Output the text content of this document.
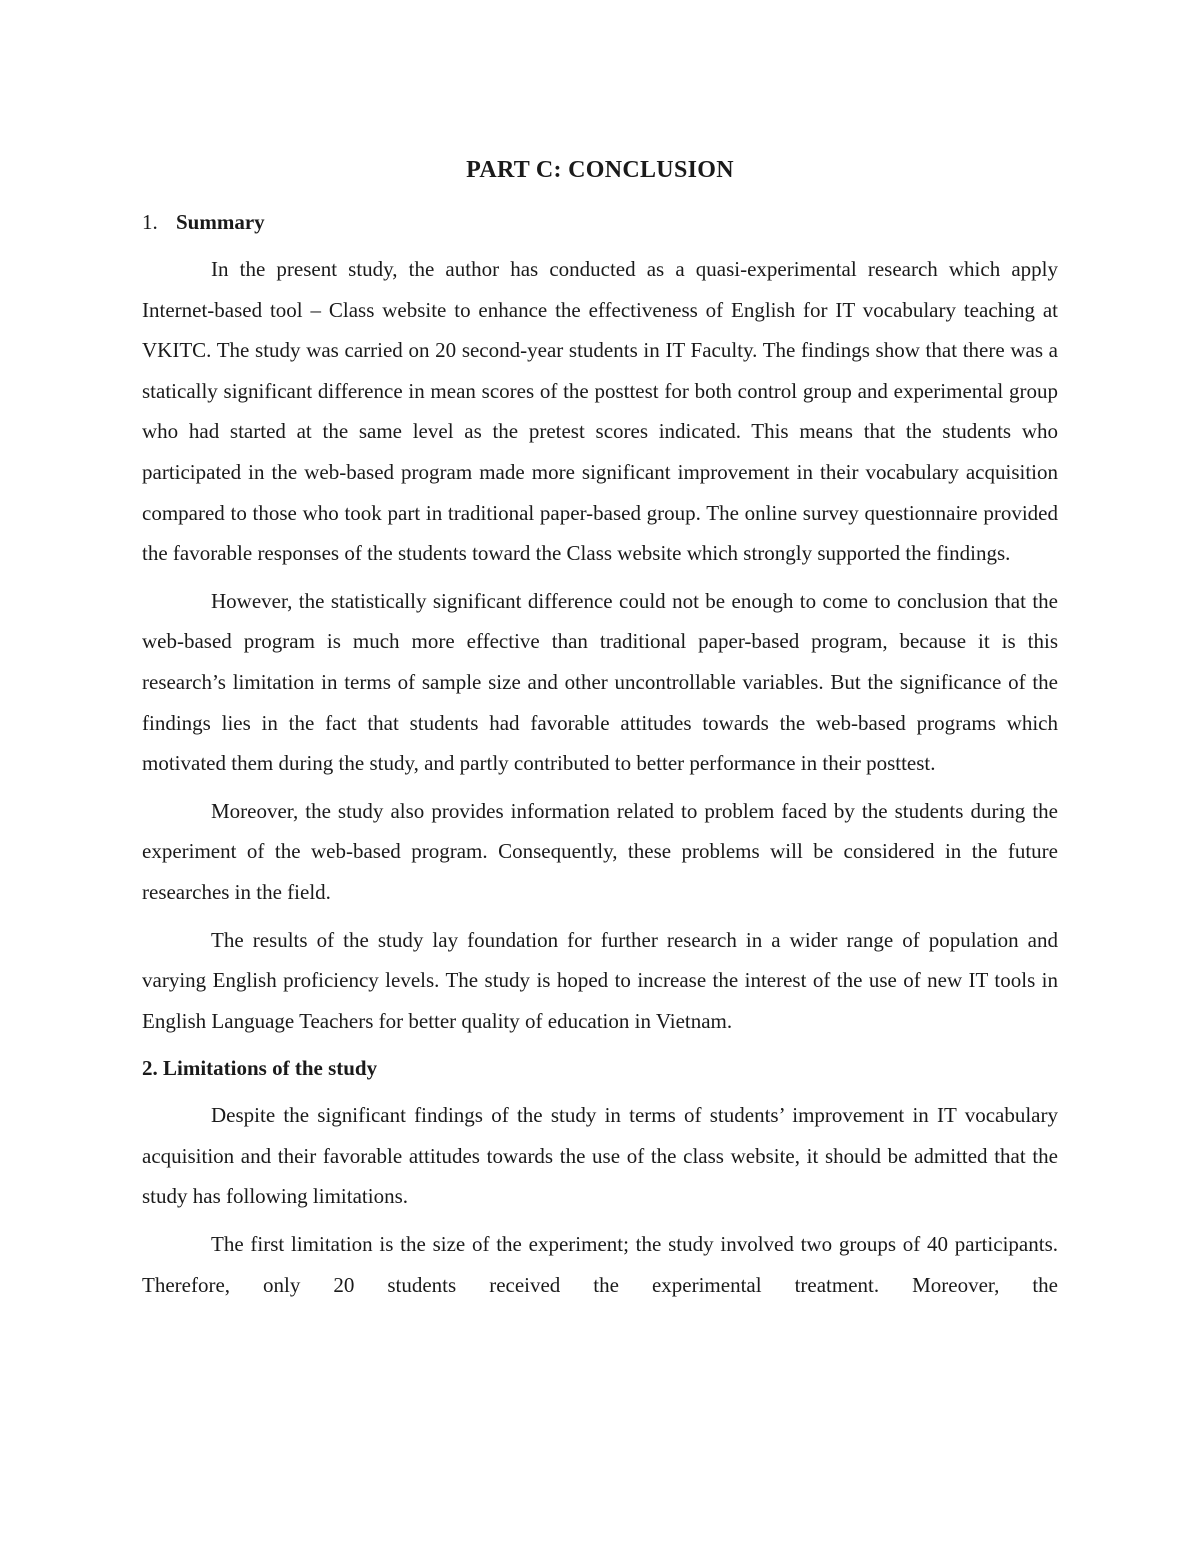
PART C: CONCLUSION
1. Summary

In the present study, the author has conducted as a quasi-experimental research which apply Internet-based tool – Class website to enhance the effectiveness of English for IT vocabulary teaching at VKITC. The study was carried on 20 second-year students in IT Faculty. The findings show that there was a statically significant difference in mean scores of the posttest for both control group and experimental group who had started at the same level as the pretest scores indicated. This means that the students who participated in the web-based program made more significant improvement in their vocabulary acquisition compared to those who took part in traditional paper-based group. The online survey questionnaire provided the favorable responses of the students toward the Class website which strongly supported the findings.

However, the statistically significant difference could not be enough to come to conclusion that the web-based program is much more effective than traditional paper-based program, because it is this research’s limitation in terms of sample size and other uncontrollable variables. But the significance of the findings lies in the fact that students had favorable attitudes towards the web-based programs which motivated them during the study, and partly contributed to better performance in their posttest.

Moreover, the study also provides information related to problem faced by the students during the experiment of the web-based program. Consequently, these problems will be considered in the future researches in the field.

The results of the study lay foundation for further research in a wider range of population and varying English proficiency levels. The study is hoped to increase the interest of the use of new IT tools in English Language Teachers for better quality of education in Vietnam.

2. Limitations of the study

Despite the significant findings of the study in terms of students’ improvement in IT vocabulary acquisition and their favorable attitudes towards the use of the class website, it should be admitted that the study has following limitations.

The first limitation is the size of the experiment; the study involved two groups of 40 participants. Therefore, only 20 students received the experimental treatment. Moreover, the
